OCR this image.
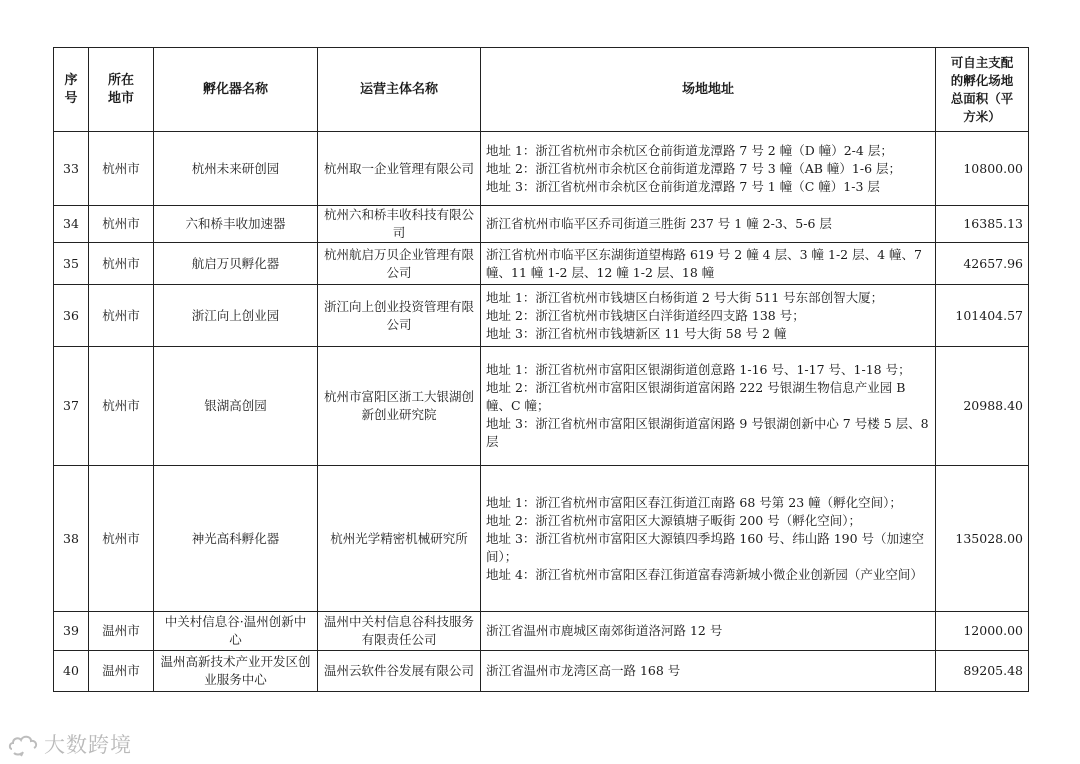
序号	所在地市	孵化器名称	运营主体名称	场地地址	可自主支配的孵化场地总面积（平方米）

33	杭州市	杭州未来研创园	杭州取一企业管理有限公司	地址 1：浙江省杭州市余杭区仓前街道龙潭路 7 号 2 幢（D 幢）2-4 层；
地址 2：浙江省杭州市余杭区仓前街道龙潭路 7 号 3 幢（AB 幢）1-6 层；
地址 3：浙江省杭州市余杭区仓前街道龙潭路 7 号 1 幢（C 幢）1-3 层	10800.00
34	杭州市	六和桥丰收加速器	杭州六和桥丰收科技有限公司	浙江省杭州市临平区乔司街道三胜街 237 号 1 幢 2-3、5-6 层	16385.13
35	杭州市	航启万贝孵化器	杭州航启万贝企业管理有限公司	浙江省杭州市临平区东湖街道望梅路 619 号 2 幢 4 层、3 幢 1-2 层、4 幢、7 幢、11 幢 1-2 层、12 幢 1-2 层、18 幢	42657.96
36	杭州市	浙江向上创业园	浙江向上创业投资管理有限公司	地址 1：浙江省杭州市钱塘区白杨街道 2 号大街 511 号东部创智大厦；
地址 2：浙江省杭州市钱塘区白洋街道经四支路 138 号；
地址 3：浙江省杭州市钱塘新区 11 号大街 58 号 2 幢	101404.57
37	杭州市	银湖高创园	杭州市富阳区浙工大银湖创新创业研究院	地址 1：浙江省杭州市富阳区银湖街道创意路 1-16 号、1-17 号、1-18 号；
地址 2：浙江省杭州市富阳区银湖街道富闲路 222 号银湖生物信息产业园 B 幢、C 幢；
地址 3：浙江省杭州市富阳区银湖街道富闲路 9 号银湖创新中心 7 号楼 5 层、8 层	20988.40
38	杭州市	神光高科孵化器	杭州光学精密机械研究所	地址 1：浙江省杭州市富阳区春江街道江南路 68 号第 23 幢（孵化空间）；
地址 2：浙江省杭州市富阳区大源镇塘子畈街 200 号（孵化空间）；
地址 3：浙江省杭州市富阳区大源镇四季坞路 160 号、纬山路 190 号（加速空间）；
地址 4：浙江省杭州市富阳区春江街道富春湾新城小微企业创新园（产业空间）	135028.00
39	温州市	中关村信息谷·温州创新中心	温州中关村信息谷科技服务有限责任公司	浙江省温州市鹿城区南郊街道洛河路 12 号	12000.00
40	温州市	温州高新技术产业开发区创业服务中心	温州云软件谷发展有限公司	浙江省温州市龙湾区高一路 168 号	89205.48
大数跨境
